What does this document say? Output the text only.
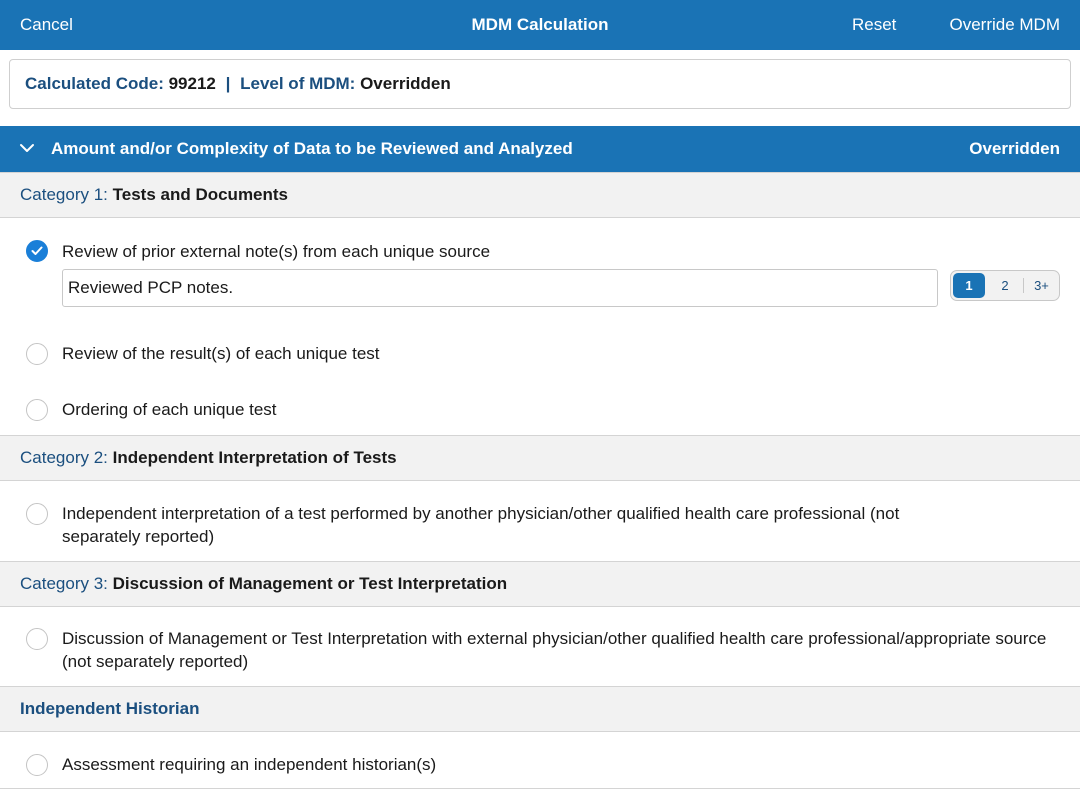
Cancel	MDM Calculation	Reset	Override MDM
Calculated Code: 99212 | Level of MDM: Overridden
Amount and/or Complexity of Data to be Reviewed and Analyzed	Overridden
Category 1: Tests and Documents
Review of prior external note(s) from each unique source
Reviewed PCP notes.
1	2	3+
Review of the result(s) of each unique test
Ordering of each unique test
Category 2: Independent Interpretation of Tests
Independent interpretation of a test performed by another physician/other qualified health care professional (not separately reported)
Category 3: Discussion of Management or Test Interpretation
Discussion of Management or Test Interpretation with external physician/other qualified health care professional/appropriate source (not separately reported)
Independent Historian
Assessment requiring an independent historian(s)
